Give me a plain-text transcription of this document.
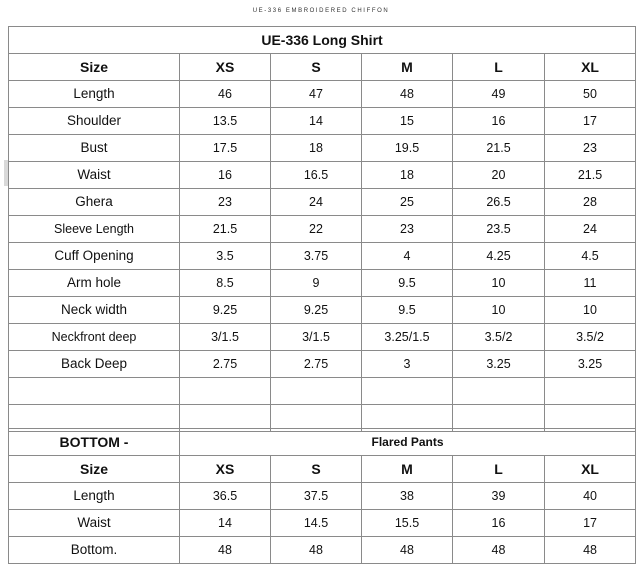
UE-336 EMBROIDERED CHIFFON
UE-336 Long Shirt					
Size	XS	S	M	L	XL
Length	46	47	48	49	50
Shoulder	13.5	14	15	16	17
Bust	17.5	18	19.5	21.5	23
Waist	16	16.5	18	20	21.5
Ghera	23	24	25	26.5	28
Sleeve Length	21.5	22	23	23.5	24
Cuff Opening	3.5	3.75	4	4.25	4.5
Arm hole	8.5	9	9.5	10	11
Neck width	9.25	9.25	9.5	10	10
Neckfront deep	3/1.5	3/1.5	3.25/1.5	3.5/2	3.5/2
Back Deep	2.75	2.75	3	3.25	3.25

BOTTOM -	Flared Pants				
Size	XS	S	M	L	XL
Length	36.5	37.5	38	39	40
Waist	14	14.5	15.5	16	17
Bottom.	48	48	48	48	48
